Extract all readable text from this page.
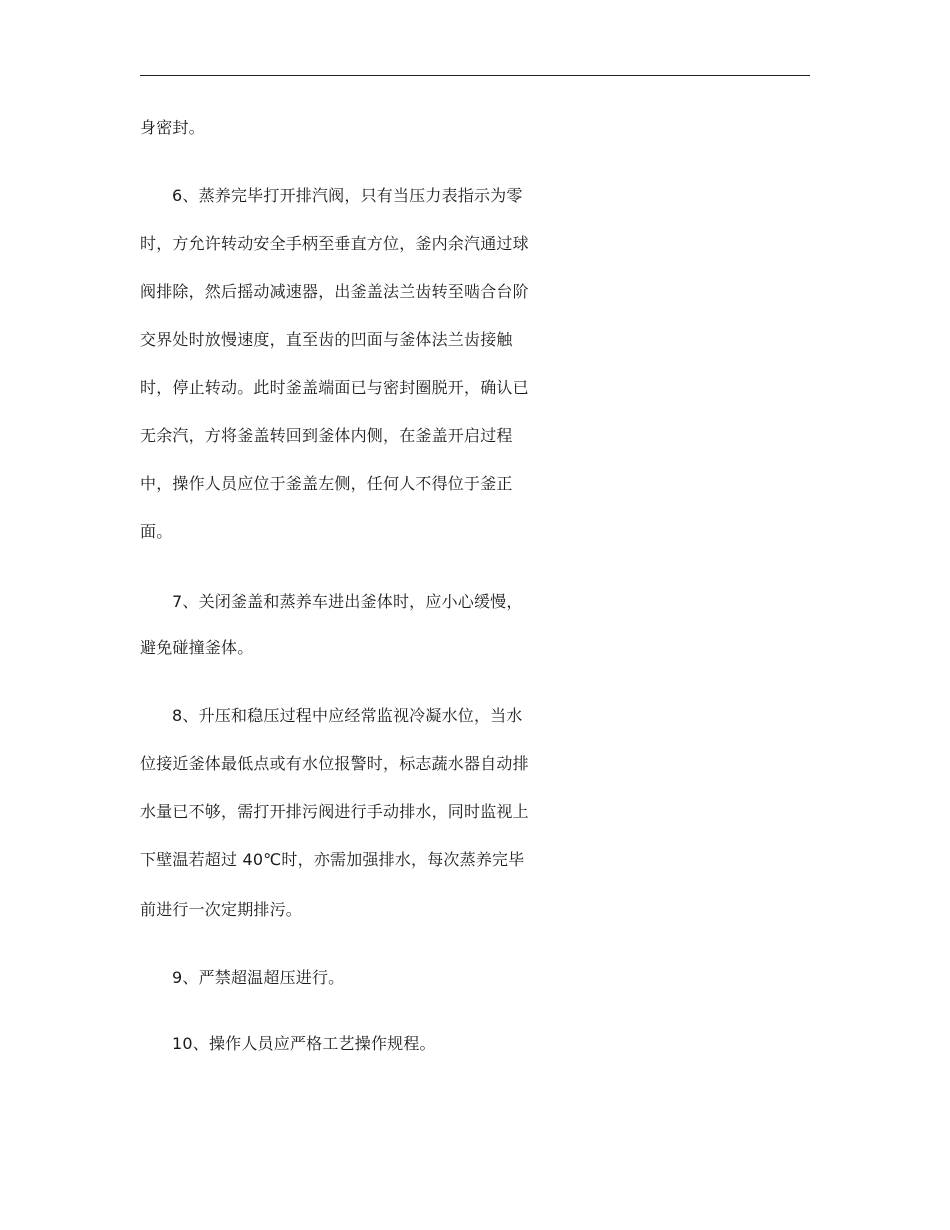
身密封。
6、蒸养完毕打开排汽阀，只有当压力表指示为零
时，方允许转动安全手柄至垂直方位，釜内余汽通过球
阀排除，然后摇动减速器，出釜盖法兰齿转至啮合台阶
交界处时放慢速度，直至齿的凹面与釜体法兰齿接触
时，停止转动。此时釜盖端面已与密封圈脱开，确认已
无余汽，方将釜盖转回到釜体内侧，在釜盖开启过程
中，操作人员应位于釜盖左侧，任何人不得位于釜正
面。
7、关闭釜盖和蒸养车进出釜体时，应小心缓慢，
避免碰撞釜体。
8、升压和稳压过程中应经常监视冷凝水位，当水
位接近釜体最低点或有水位报警时，标志蔬水器自动排
水量已不够，需打开排污阀进行手动排水，同时监视上
下壁温若超过 40℃时，亦需加强排水，每次蒸养完毕
前进行一次定期排污。
9、严禁超温超压进行。
10、操作人员应严格工艺操作规程。
